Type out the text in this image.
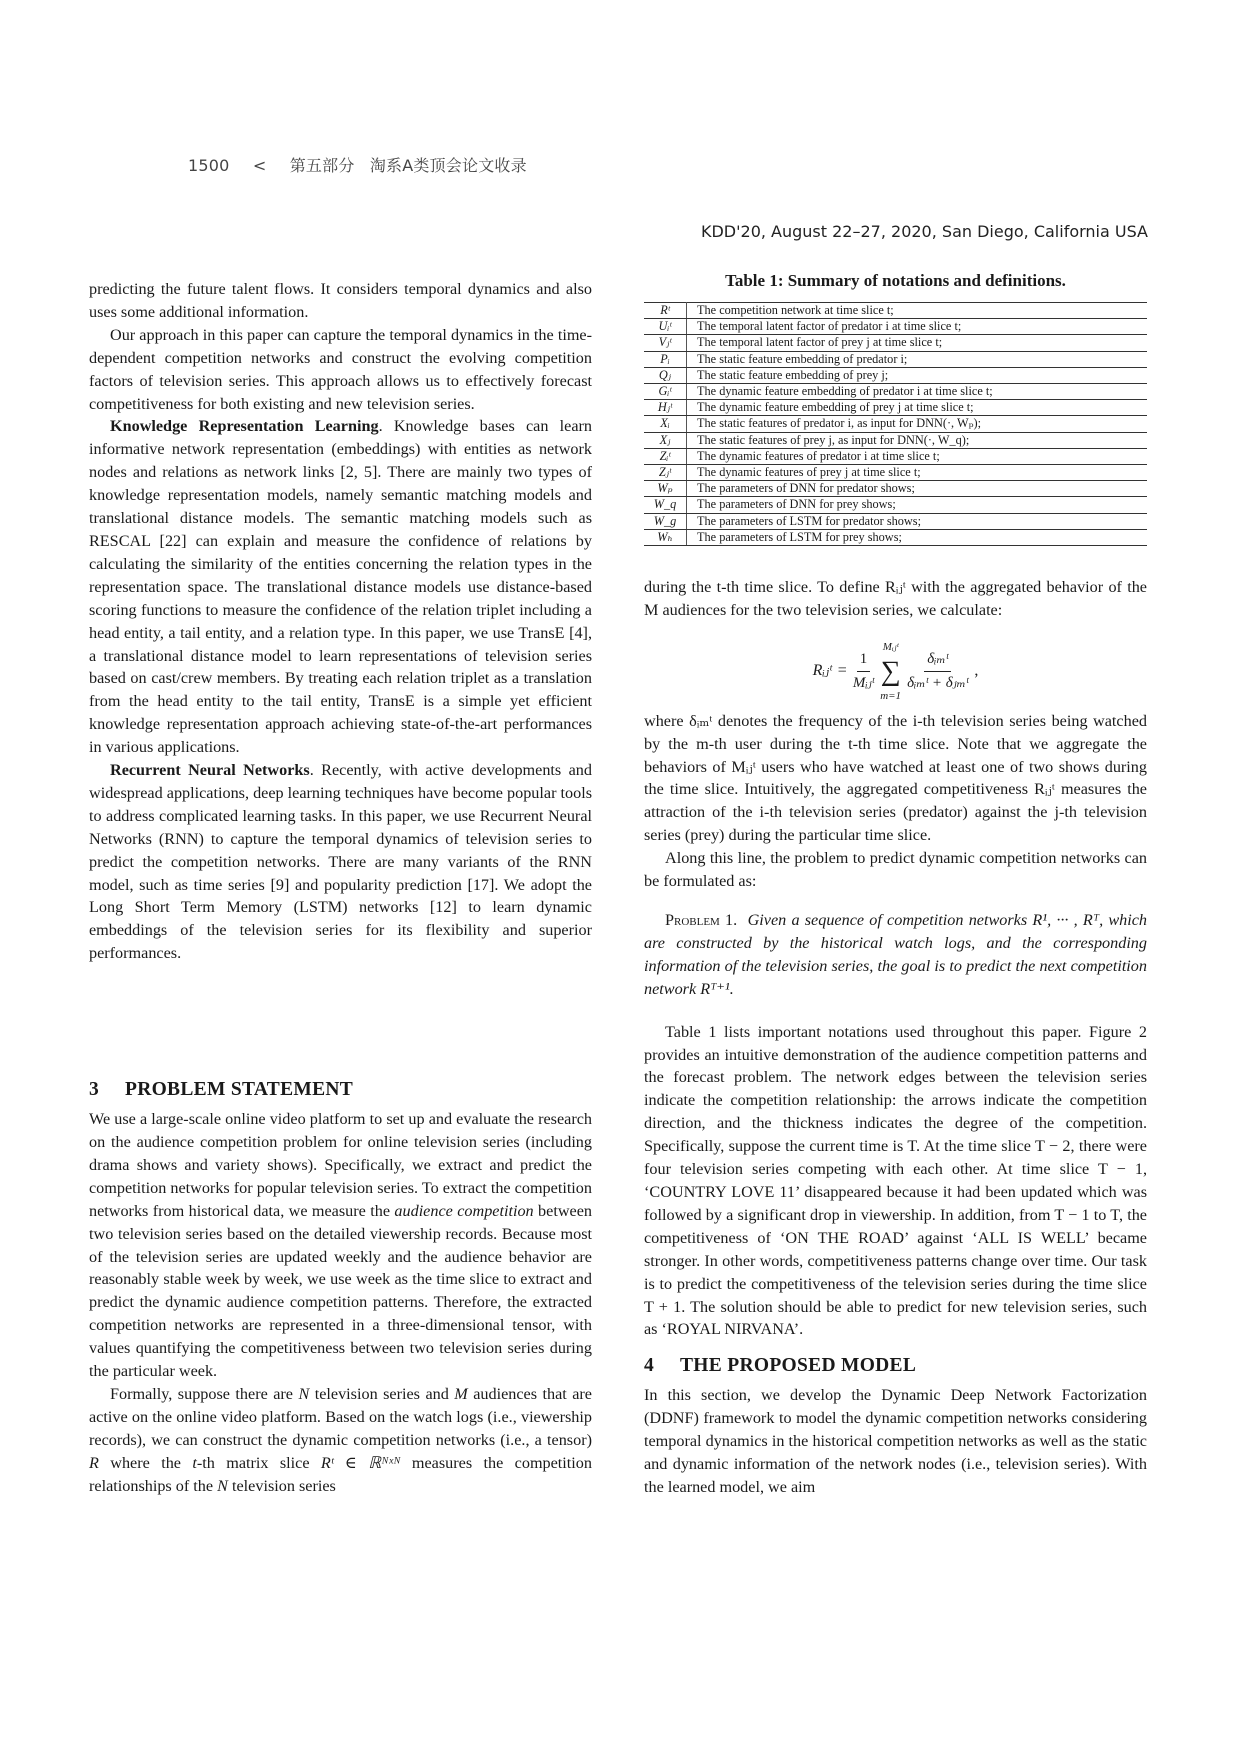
1500 < 第五部分 淘系A类顶会论文收录
KDD'20, August 22–27, 2020, San Diego, California USA

predicting the future talent flows. It considers temporal dynamics and also uses some additional information.

Our approach in this paper can capture the temporal dynamics in the time-dependent competition networks and construct the evolving competition factors of television series. This approach allows us to effectively forecast competitiveness for both existing and new television series.

Knowledge Representation Learning. Knowledge bases can learn informative network representation (embeddings) with entities as network nodes and relations as network links [2, 5]. There are mainly two types of knowledge representation models, namely semantic matching models and translational distance models. The semantic matching models such as RESCAL [22] can explain and measure the confidence of relations by calculating the similarity of the entities concerning the relation types in the representation space. The translational distance models use distance-based scoring functions to measure the confidence of the relation triplet including a head entity, a tail entity, and a relation type. In this paper, we use TransE [4], a translational distance model to learn representations of television series based on cast/crew members. By treating each relation triplet as a translation from the head entity to the tail entity, TransE is a simple yet efficient knowledge representation approach achieving state-of-the-art performances in various applications.

Recurrent Neural Networks. Recently, with active developments and widespread applications, deep learning techniques have become popular tools to address complicated learning tasks. In this paper, we use Recurrent Neural Networks (RNN) to capture the temporal dynamics of television series to predict the competition networks. There are many variants of the RNN model, such as time series [9] and popularity prediction [17]. We adopt the Long Short Term Memory (LSTM) networks [12] to learn dynamic embeddings of the television series for its flexibility and superior performances.

3 PROBLEM STATEMENT

We use a large-scale online video platform to set up and evaluate the research on the audience competition problem for online television series (including drama shows and variety shows). Specifically, we extract and predict the competition networks for popular television series. To extract the competition networks from historical data, we measure the audience competition between two television series based on the detailed viewership records. Because most of the television series are updated weekly and the audience behavior are reasonably stable week by week, we use week as the time slice to extract and predict the dynamic audience competition patterns. Therefore, the extracted competition networks are represented in a three-dimensional tensor, with values quantifying the competitiveness between two television series during the particular week.

Formally, suppose there are N television series and M audiences that are active on the online video platform. Based on the watch logs (i.e., viewership records), we can construct the dynamic competition networks (i.e., a tensor) R where the t-th matrix slice Rᵗ ∈ ℝᴺˣᴺ measures the competition relationships of the N television series

Table 1: Summary of notations and definitions.
Rᵗ	The competition network at time slice t;
Uᵢᵗ	The temporal latent factor of predator i at time slice t;
Vⱼᵗ	The temporal latent factor of prey j at time slice t;
Pᵢ	The static feature embedding of predator i;
Qⱼ	The static feature embedding of prey j;
Gᵢᵗ	The dynamic feature embedding of predator i at time slice t;
Hⱼᵗ	The dynamic feature embedding of prey j at time slice t;
Xᵢ	The static features of predator i, as input for DNN(·, Wₚ);
Xⱼ	The static features of prey j, as input for DNN(·, W_q);
Zᵢᵗ	The dynamic features of predator i at time slice t;
Zⱼᵗ	The dynamic features of prey j at time slice t;
Wₚ	The parameters of DNN for predator shows;
W_q	The parameters of DNN for prey shows;
W_g	The parameters of LSTM for predator shows;
Wₕ	The parameters of LSTM for prey shows;

during the t-th time slice. To define Rᵢⱼᵗ with the aggregated behavior of the M audiences for the two television series, we calculate:

Rᵢⱼᵗ = $\frac{1}{\text{Mᵢⱼᵗ}}$
Mᵢⱼᵗ
∑
m=1
$\frac{\text{δᵢₘᵗ}}{\text{δᵢₘᵗ + δⱼₘᵗ}}$ ,

where δᵢₘᵗ denotes the frequency of the i-th television series being watched by the m-th user during the t-th time slice. Note that we aggregate the behaviors of Mᵢⱼᵗ users who have watched at least one of two shows during the time slice. Intuitively, the aggregated competitiveness Rᵢⱼᵗ measures the attraction of the i-th television series (predator) against the j-th television series (prey) during the particular time slice.

Along this line, the problem to predict dynamic competition networks can be formulated as:

Problem 1. Given a sequence of competition networks R¹, ··· , Rᵀ, which are constructed by the historical watch logs, and the corresponding information of the television series, the goal is to predict the next competition network Rᵀ⁺¹.

Table 1 lists important notations used throughout this paper. Figure 2 provides an intuitive demonstration of the audience competition patterns and the forecast problem. The network edges between the television series indicate the competition relationship: the arrows indicate the competition direction, and the thickness indicates the degree of the competition. Specifically, suppose the current time is T. At the time slice T − 2, there were four television series competing with each other. At time slice T − 1, ‘COUNTRY LOVE 11’ disappeared because it had been updated which was followed by a significant drop in viewership. In addition, from T − 1 to T, the competitiveness of ‘ON THE ROAD’ against ‘ALL IS WELL’ became stronger. In other words, competitiveness patterns change over time. Our task is to predict the competitiveness of the television series during the time slice T + 1. The solution should be able to predict for new television series, such as ‘ROYAL NIRVANA’.

4 THE PROPOSED MODEL

In this section, we develop the Dynamic Deep Network Factorization (DDNF) framework to model the dynamic competition networks considering temporal dynamics in the historical competition networks as well as the static and dynamic information of the network nodes (i.e., television series). With the learned model, we aim
